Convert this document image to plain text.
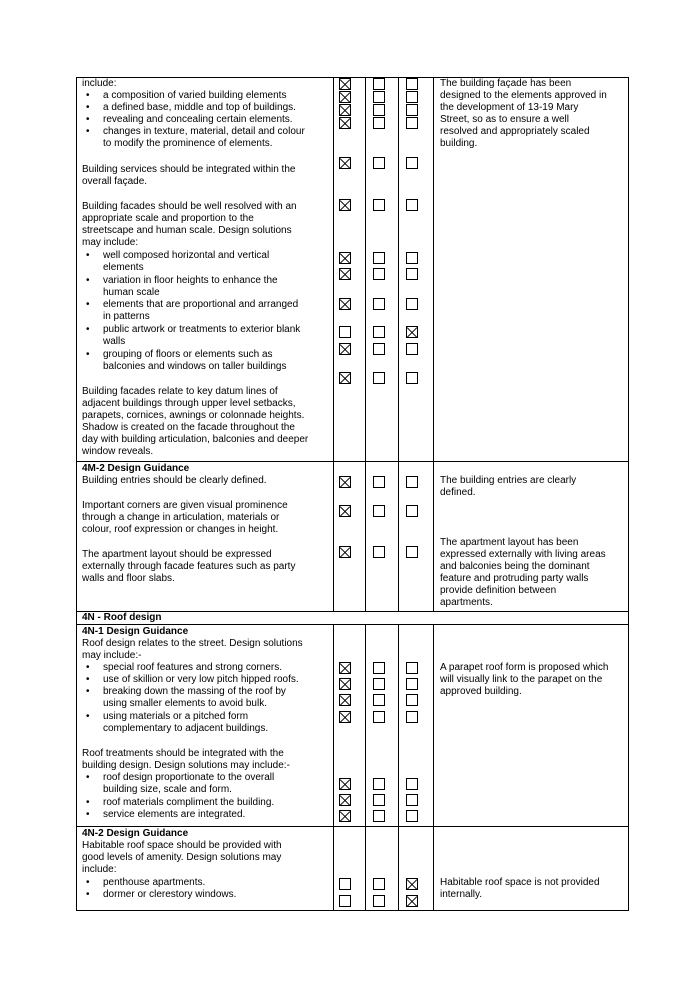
4N - Roof design
include:
• a composition of varied building elements
• a defined base, middle and top of buildings.
• revealing and concealing certain elements.
• changes in texture, material, detail and colour
to modify the prominence of elements.
Building services should be integrated within the
overall façade.
Building facades should be well resolved with an
appropriate scale and proportion to the
streetscape and human scale. Design solutions
may include:
• well composed horizontal and vertical
elements
• variation in floor heights to enhance the
human scale
• elements that are proportional and arranged
in patterns
• public artwork or treatments to exterior blank
walls
• grouping of floors or elements such as
balconies and windows on taller buildings
Building facades relate to key datum lines of
adjacent buildings through upper level setbacks,
parapets, cornices, awnings or colonnade heights.
Shadow is created on the facade throughout the
day with building articulation, balconies and deeper
window reveals.
The building façade has been
designed to the elements approved in
the development of 13-19 Mary
Street, so as to ensure a well
resolved and appropriately scaled
building.
4M-2 Design Guidance
Building entries should be clearly defined.
Important corners are given visual prominence
through a change in articulation, materials or
colour, roof expression or changes in height.
The apartment layout should be expressed
externally through facade features such as party
walls and floor slabs.
The building entries are clearly
defined.
The apartment layout has been
expressed externally with living areas
and balconies being the dominant
feature and protruding party walls
provide definition between
apartments.
4N-1 Design Guidance
Roof design relates to the street. Design solutions
may include:-
• special roof features and strong corners.
• use of skillion or very low pitch hipped roofs.
• breaking down the massing of the roof by
using smaller elements to avoid bulk.
• using materials or a pitched form
complementary to adjacent buildings.
Roof treatments should be integrated with the
building design. Design solutions may include:-
• roof design proportionate to the overall
building size, scale and form.
• roof materials compliment the building.
• service elements are integrated.
A parapet roof form is proposed which
will visually link to the parapet on the
approved building.
4N-2 Design Guidance
Habitable roof space should be provided with
good levels of amenity. Design solutions may
include:
• penthouse apartments.
• dormer or clerestory windows.
Habitable roof space is not provided
internally.
